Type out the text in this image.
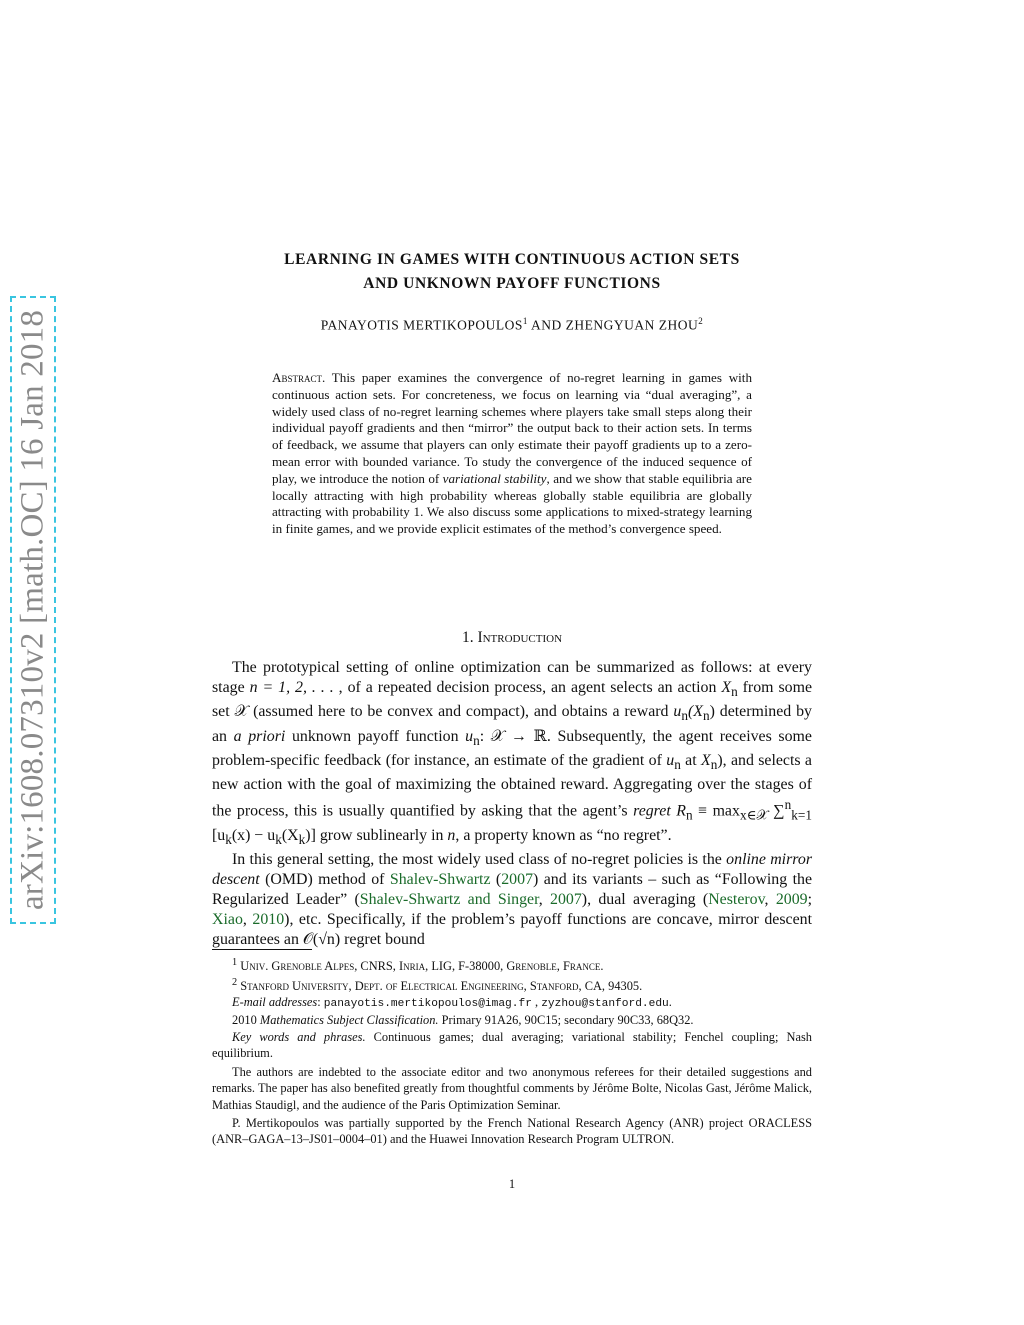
arXiv:1608.07310v2 [math.OC] 16 Jan 2018
LEARNING IN GAMES WITH CONTINUOUS ACTION SETS
AND UNKNOWN PAYOFF FUNCTIONS
PANAYOTIS MERTIKOPOULOS$^1$ AND ZHENGYUAN ZHOU$^2$
Abstract. This paper examines the convergence of no-regret learning in games with continuous action sets. For concreteness, we focus on learning via “dual averaging”, a widely used class of no-regret learning schemes where players take small steps along their individual payoff gradients and then “mirror” the output back to their action sets. In terms of feedback, we assume that players can only estimate their payoff gradients up to a zero-mean error with bounded variance. To study the convergence of the induced sequence of play, we introduce the notion of variational stability, and we show that stable equilibria are locally attracting with high probability whereas globally stable equilibria are globally attracting with probability 1. We also discuss some applications to mixed-strategy learning in finite games, and we provide explicit estimates of the method’s convergence speed.
1. Introduction

The prototypical setting of online optimization can be summarized as follows: at every stage n = 1, 2, . . . , of a repeated decision process, an agent selects an action $X_n$ from some set 𝒳 (assumed here to be convex and compact), and obtains a reward $u_n(X_n)$ determined by an a priori unknown payoff function $u_n$: 𝒳 → ℝ. Subsequently, the agent receives some problem-specific feedback (for instance, an estimate of the gradient of $u_n$ at $X_n$), and selects a new action with the goal of maximizing the obtained reward. Aggregating over the stages of the process, this is usually quantified by asking that the agent’s regret $R_n \equiv \max_{x\in 𝒳} \sum^n_{k=1}$ $[u_k(x) - u_k(X_k)]$ grow sublinearly in n, a property known as “no regret”.

In this general setting, the most widely used class of no-regret policies is the online mirror descent (OMD) method of Shalev-Shwartz (2007) and its variants – such as “Following the Regularized Leader” (Shalev-Shwartz and Singer, 2007), dual averaging (Nesterov, 2009; Xiao, 2010), etc. Specifically, if the problem’s payoff functions are concave, mirror descent guarantees an 𝒪(√n) regret bound

$^1$ Univ. Grenoble Alpes, CNRS, Inria, LIG, F-38000, Grenoble, France.

$^2$ Stanford University, Dept. of Electrical Engineering, Stanford, CA, 94305.

E-mail addresses: panayotis.mertikopoulos@imag.fr , zyzhou@stanford.edu.

2010 Mathematics Subject Classification. Primary 91A26, 90C15; secondary 90C33, 68Q32.

Key words and phrases. Continuous games; dual averaging; variational stability; Fenchel coupling; Nash equilibrium.

The authors are indebted to the associate editor and two anonymous referees for their detailed suggestions and remarks. The paper has also benefited greatly from thoughtful comments by Jérôme Bolte, Nicolas Gast, Jérôme Malick, Mathias Staudigl, and the audience of the Paris Optimization Seminar.

P. Mertikopoulos was partially supported by the French National Research Agency (ANR) project ORACLESS (ANR–GAGA–13–JS01–0004–01) and the Huawei Innovation Research Program ULTRON.

1
